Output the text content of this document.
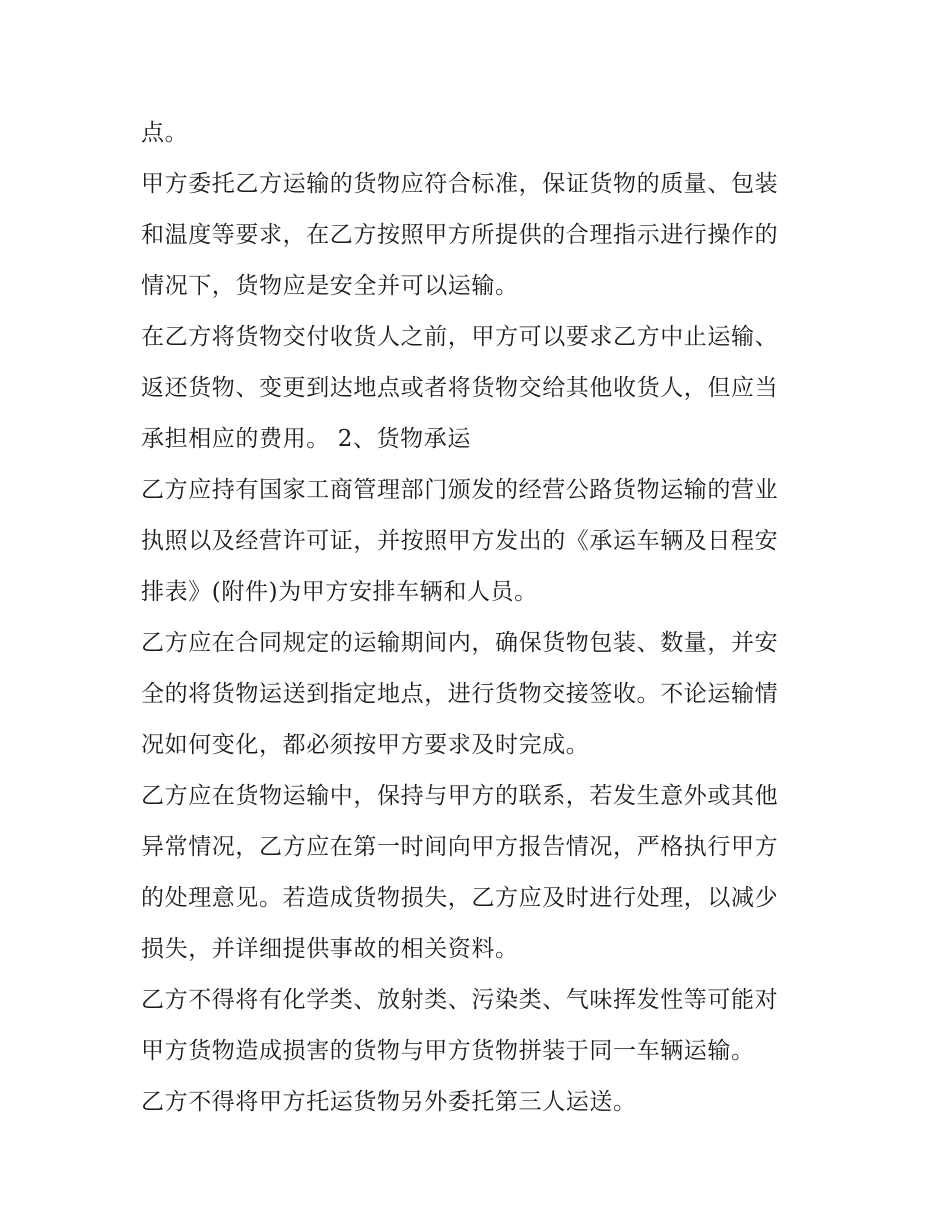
点。
甲方委托乙方运输的货物应符合标准，保证货物的质量、包装
和温度等要求，在乙方按照甲方所提供的合理指示进行操作的
情况下，货物应是安全并可以运输。
在乙方将货物交付收货人之前，甲方可以要求乙方中止运输、
返还货物、变更到达地点或者将货物交给其他收货人，但应当
承担相应的费用。 2、货物承运
乙方应持有国家工商管理部门颁发的经营公路货物运输的营业
执照以及经营许可证，并按照甲方发出的《承运车辆及日程安
排表》(附件)为甲方安排车辆和人员。
乙方应在合同规定的运输期间内，确保货物包装、数量，并安
全的将货物运送到指定地点，进行货物交接签收。不论运输情
况如何变化，都必须按甲方要求及时完成。
乙方应在货物运输中，保持与甲方的联系，若发生意外或其他
异常情况，乙方应在第一时间向甲方报告情况，严格执行甲方
的处理意见。若造成货物损失，乙方应及时进行处理，以减少
损失，并详细提供事故的相关资料。
乙方不得将有化学类、放射类、污染类、气味挥发性等可能对
甲方货物造成损害的货物与甲方货物拼装于同一车辆运输。
乙方不得将甲方托运货物另外委托第三人运送。
